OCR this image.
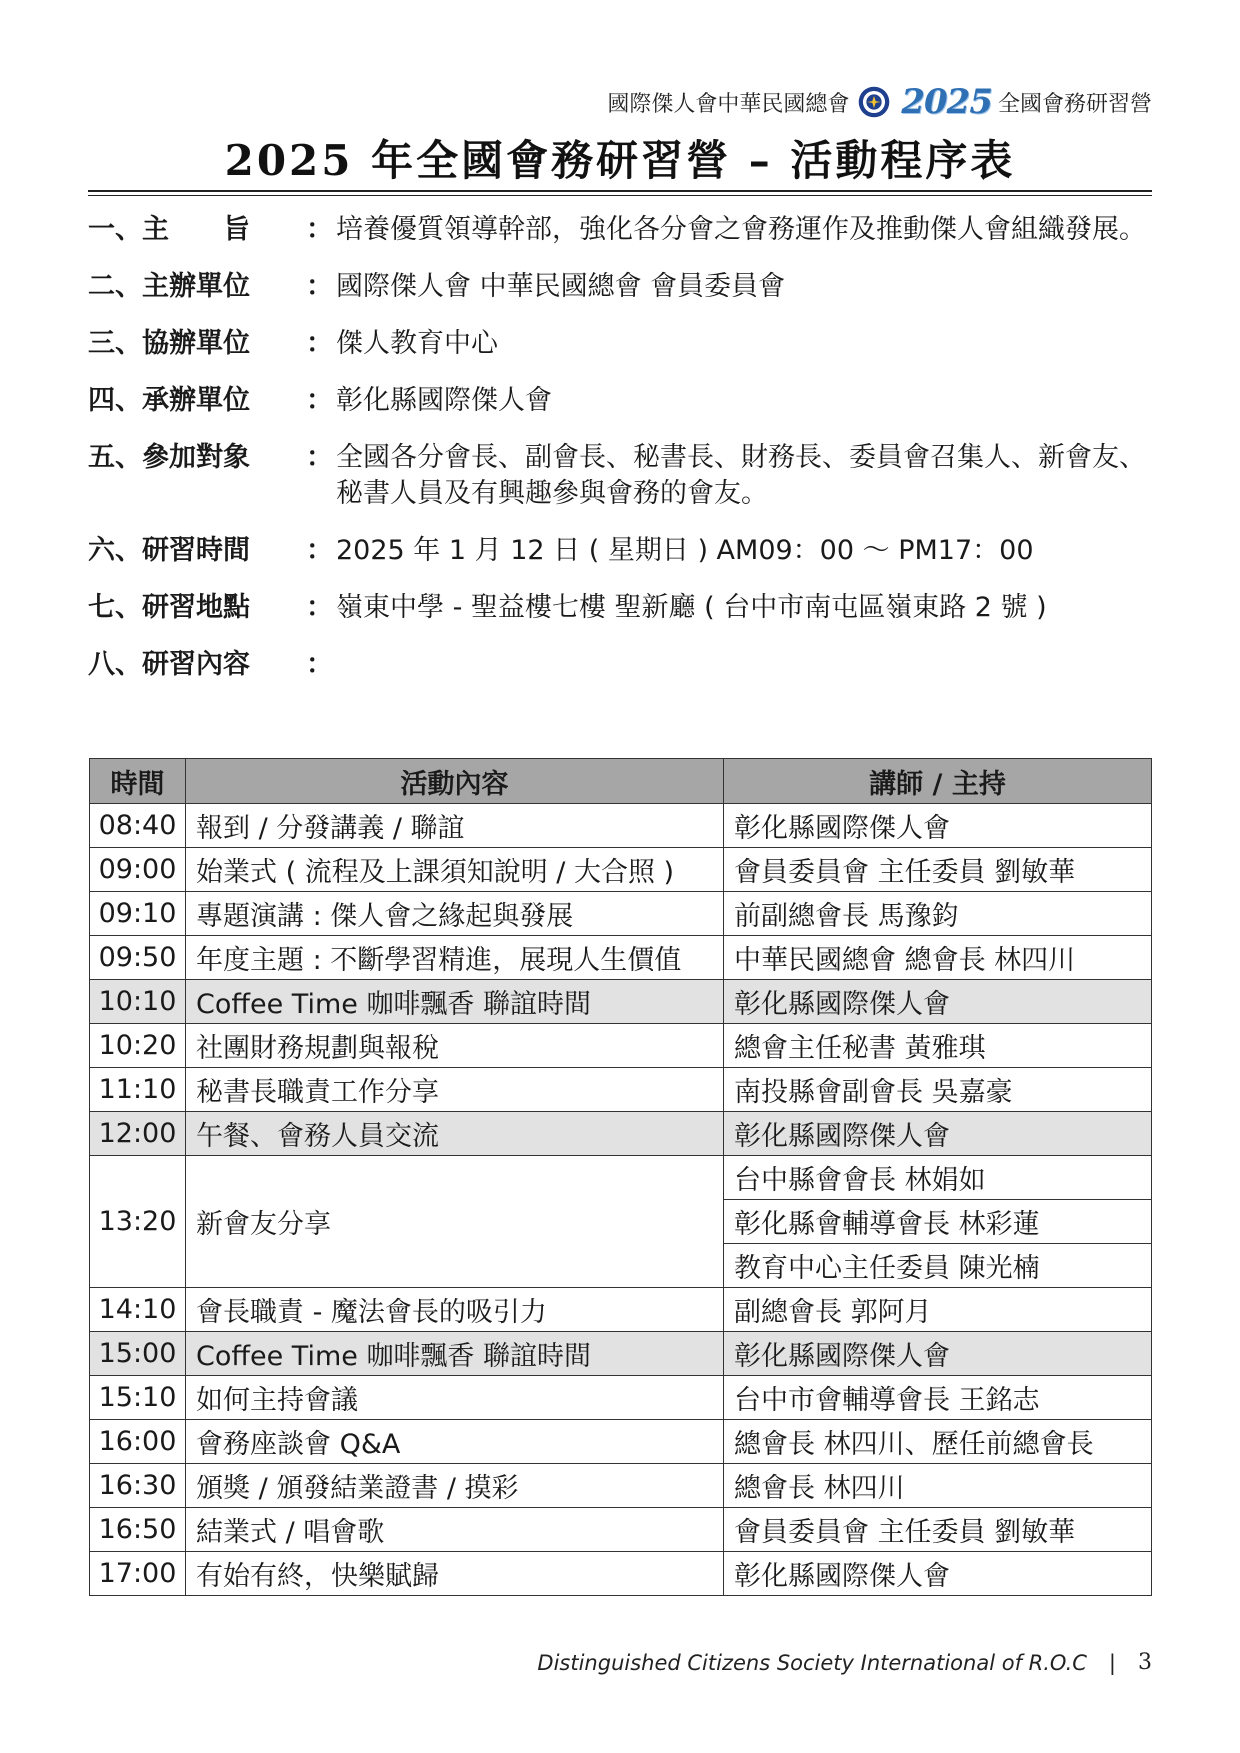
國際傑人會中華民國總會 2025 全國會務研習營
2025 年全國會務研習營 – 活動程序表
一、主　　旨 ： 培養優質領導幹部，強化各分會之會務運作及推動傑人會組織發展。
二、主辦單位 ： 國際傑人會 中華民國總會 會員委員會
三、協辦單位 ： 傑人教育中心
四、承辦單位 ： 彰化縣國際傑人會
五、參加對象 ： 全國各分會長、副會長、秘書長、財務長、委員會召集人、新會友、秘書人員及有興趣參與會務的會友。
六、研習時間 ： 2025 年 1 月 12 日 ( 星期日 ) AM09：00 ～ PM17：00
七、研習地點 ： 嶺東中學 - 聖益樓七樓 聖新廳 ( 台中市南屯區嶺東路 2 號 )
八、研習內容 ：
時間	活動內容	講師 / 主持
08:40	報到 / 分發講義 / 聯誼	彰化縣國際傑人會
09:00	始業式 ( 流程及上課須知說明 / 大合照 )	會員委員會 主任委員 劉敏華
09:10	專題演講 : 傑人會之緣起與發展	前副總會長 馬豫鈞
09:50	年度主題 : 不斷學習精進，展現人生價值	中華民國總會 總會長 林四川
10:10	Coffee Time 咖啡飄香 聯誼時間	彰化縣國際傑人會
10:20	社團財務規劃與報稅	總會主任秘書 黃雅琪
11:10	秘書長職責工作分享	南投縣會副會長 吳嘉豪
12:00	午餐、會務人員交流	彰化縣國際傑人會
13:20	新會友分享	台中縣會會長 林娟如
		彰化縣會輔導會長 林彩蓮
		教育中心主任委員 陳光楠
14:10	會長職責 - 魔法會長的吸引力	副總會長 郭阿月
15:00	Coffee Time 咖啡飄香 聯誼時間	彰化縣國際傑人會
15:10	如何主持會議	台中市會輔導會長 王銘志
16:00	會務座談會 Q&A	總會長 林四川、歷任前總會長
16:30	頒獎 / 頒發結業證書 / 摸彩	總會長 林四川
16:50	結業式 / 唱會歌	會員委員會 主任委員 劉敏華
17:00	有始有終，快樂賦歸	彰化縣國際傑人會
Distinguished Citizens Society International of R.O.C | 3
